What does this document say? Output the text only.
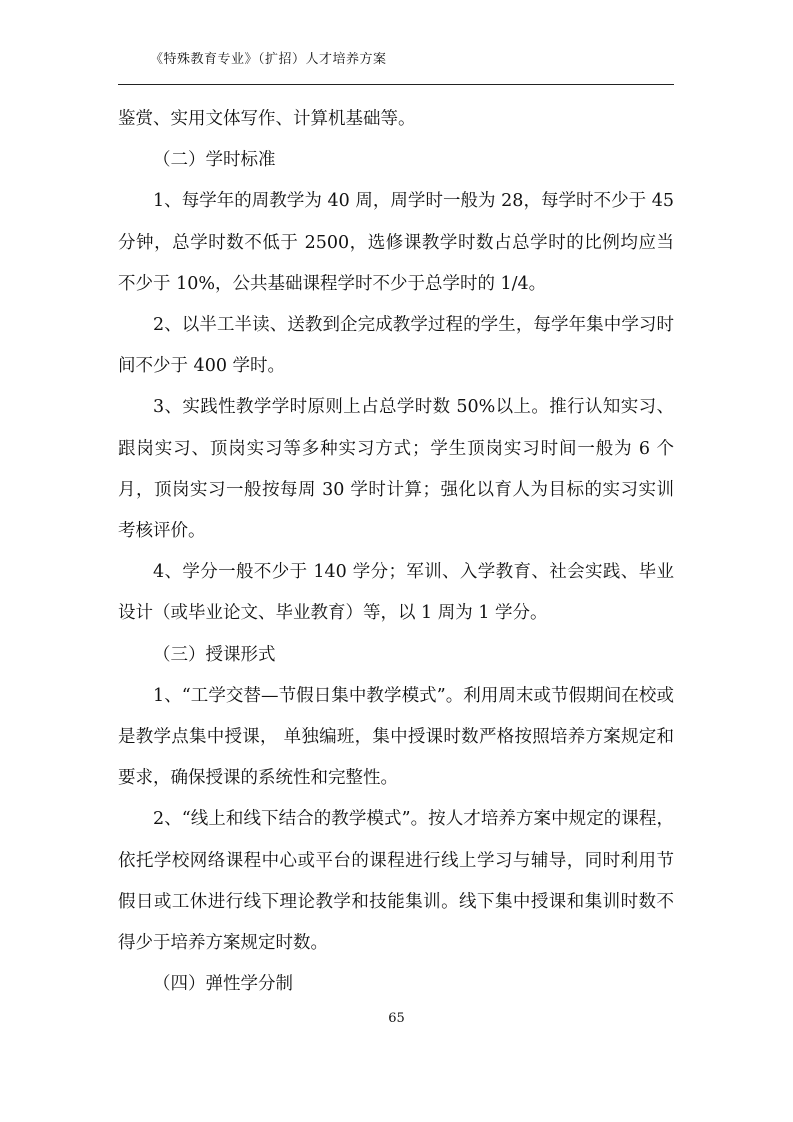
《特殊教育专业》（扩招）人才培养方案

鉴赏、实用文体写作、计算机基础等。

（二）学时标准

1、每学年的周教学为 40 周，周学时一般为 28，每学时不少于 45 分钟，总学时数不低于 2500，选修课教学时数占总学时的比例均应当不少于 10%，公共基础课程学时不少于总学时的 1/4。

2、以半工半读、送教到企完成教学过程的学生，每学年集中学习时间不少于 400 学时。

3、实践性教学学时原则上占总学时数 50%以上。推行认知实习、跟岗实习、顶岗实习等多种实习方式；学生顶岗实习时间一般为 6 个月，顶岗实习一般按每周 30 学时计算；强化以育人为目标的实习实训考核评价。

4、学分一般不少于 140 学分；军训、入学教育、社会实践、毕业设计（或毕业论文、毕业教育）等，以 1 周为 1 学分。

（三）授课形式

1、“工学交替—节假日集中教学模式”。利用周末或节假期间在校或是教学点集中授课， 单独编班，集中授课时数严格按照培养方案规定和要求，确保授课的系统性和完整性。

2、“线上和线下结合的教学模式”。按人才培养方案中规定的课程，依托学校网络课程中心或平台的课程进行线上学习与辅导，同时利用节假日或工休进行线下理论教学和技能集训。线下集中授课和集训时数不得少于培养方案规定时数。

（四）弹性学分制

65
